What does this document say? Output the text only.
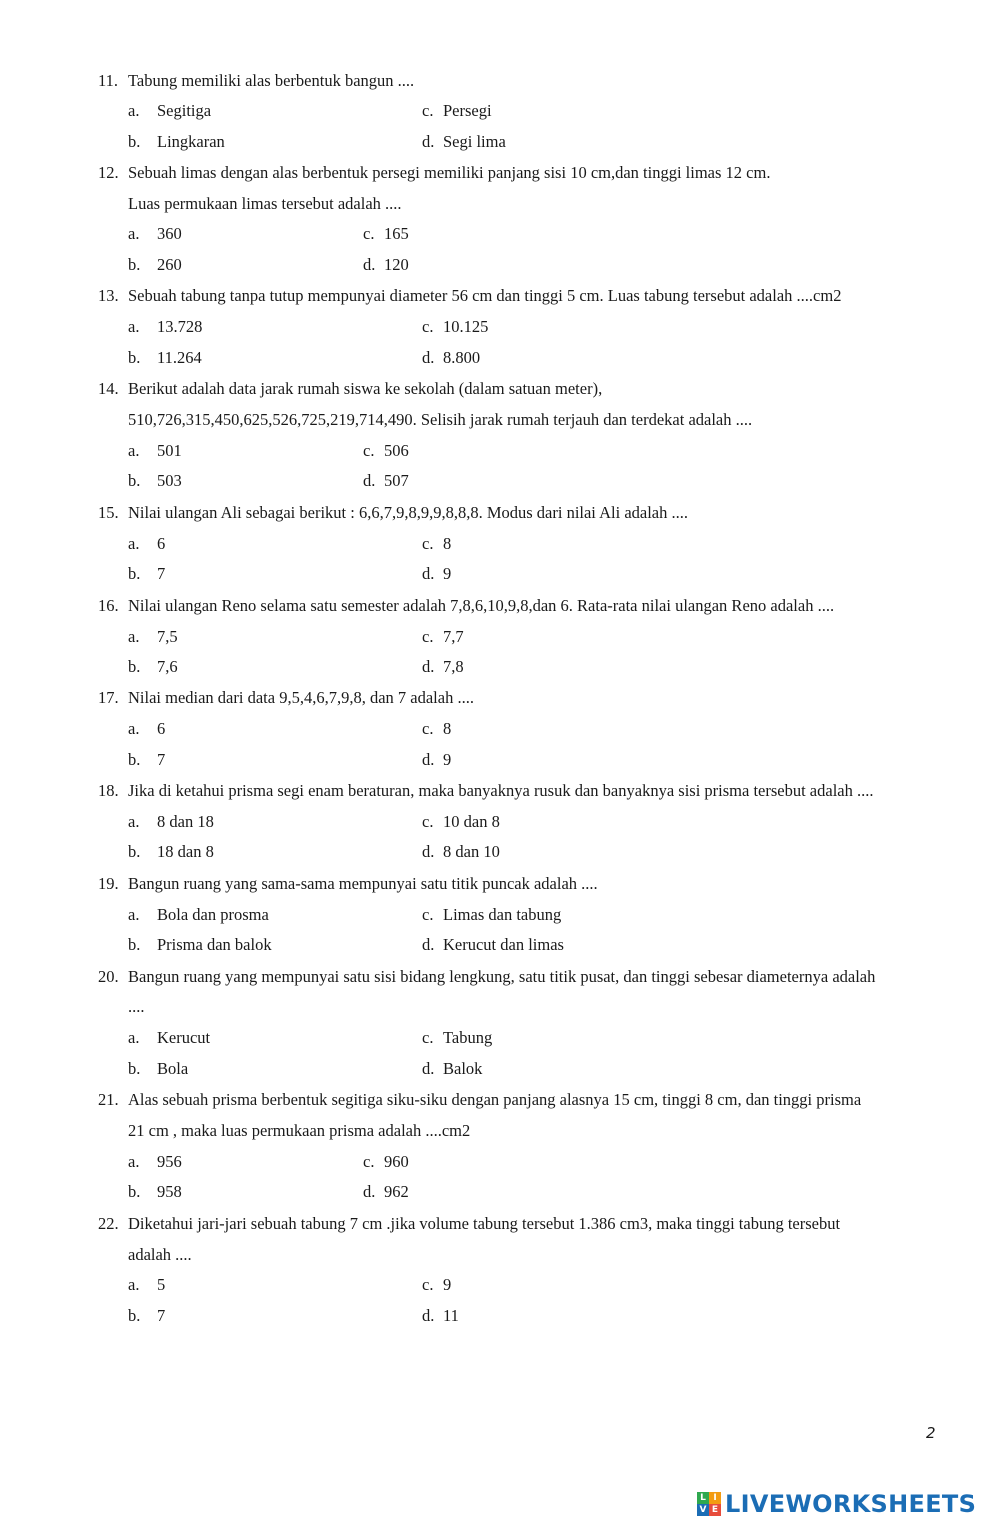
11. Tabung memiliki alas berbentuk bangun ....
a. Segitiga
b. Lingkaran
c. Persegi
d. Segi lima
12. Sebuah limas dengan alas berbentuk persegi memiliki panjang sisi 10 cm,dan tinggi limas 12 cm.
Luas permukaan limas tersebut adalah ....
a. 360
b. 260
c. 165
d. 120
13. Sebuah tabung tanpa tutup mempunyai diameter 56 cm dan tinggi 5 cm. Luas tabung tersebut adalah ....cm2
a. 13.728
b. 11.264
c. 10.125
d. 8.800
14. Berikut adalah data jarak rumah siswa ke sekolah (dalam satuan meter),
510,726,315,450,625,526,725,219,714,490. Selisih jarak rumah terjauh dan terdekat adalah ....
a. 501
b. 503
c. 506
d. 507
15. Nilai ulangan Ali sebagai berikut : 6,6,7,9,8,9,9,8,8,8. Modus dari nilai Ali adalah ....
a. 6
b. 7
c. 8
d. 9
16. Nilai ulangan Reno selama satu semester adalah 7,8,6,10,9,8,dan 6. Rata-rata nilai ulangan Reno adalah ....
a. 7,5
b. 7,6
c. 7,7
d. 7,8
17. Nilai median dari data 9,5,4,6,7,9,8, dan 7 adalah ....
a. 6
b. 7
c. 8
d. 9
18. Jika di ketahui prisma segi enam beraturan, maka banyaknya rusuk dan banyaknya sisi prisma tersebut adalah ....
a. 8 dan 18
b. 18 dan 8
c. 10 dan 8
d. 8 dan 10
19. Bangun ruang yang sama-sama mempunyai satu titik puncak adalah ....
a. Bola dan prosma
b. Prisma dan balok
c. Limas dan tabung
d. Kerucut dan limas
20. Bangun ruang yang mempunyai satu sisi bidang lengkung, satu titik pusat, dan tinggi sebesar diameternya adalah
....
a. Kerucut
b. Bola
c. Tabung
d. Balok
21. Alas sebuah prisma berbentuk segitiga siku-siku dengan panjang alasnya 15 cm, tinggi 8 cm, dan tinggi prisma
21 cm , maka luas permukaan prisma adalah ....cm2
a. 956
b. 958
c. 960
d. 962
22. Diketahui jari-jari sebuah tabung 7 cm .jika volume tabung tersebut 1.386 cm3, maka tinggi tabung tersebut
adalah ....
a. 5
b. 7
c. 9
d. 11
2
L I
V E LIVEWORKSHEETS
